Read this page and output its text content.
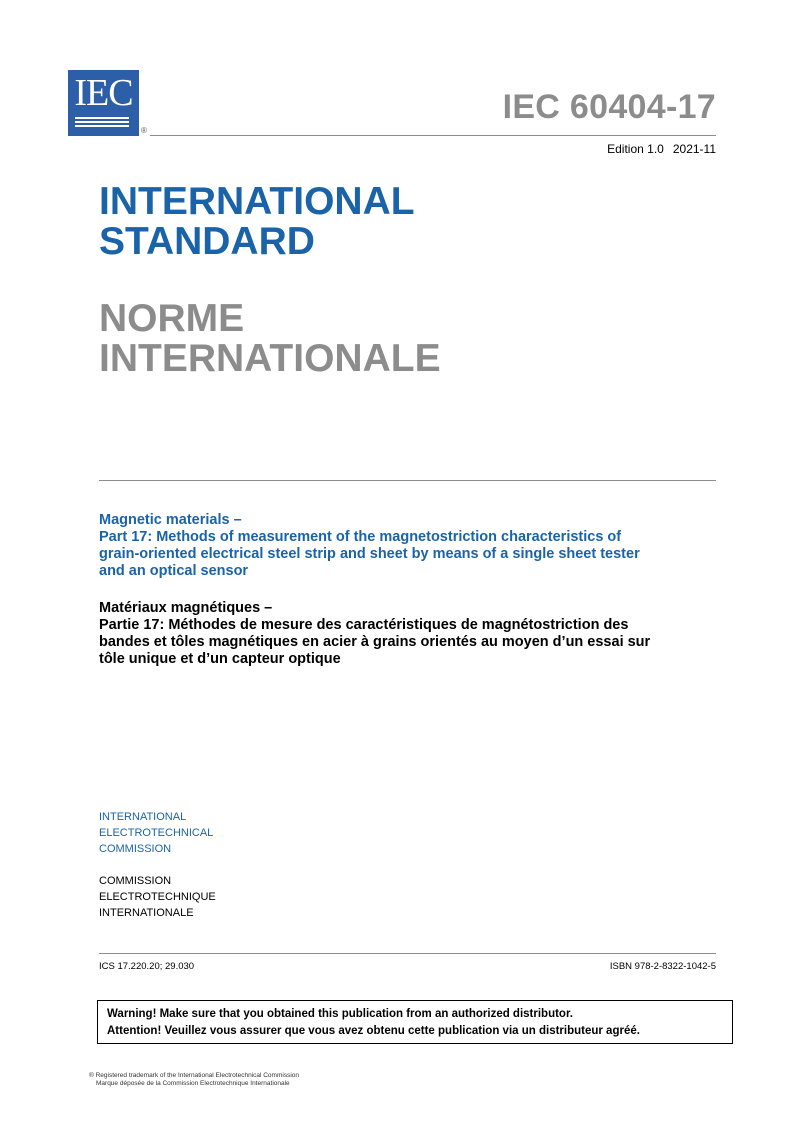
IEC
®
IEC 60404-17
Edition 1.0 2021-11
INTERNATIONAL
STANDARD
NORME
INTERNATIONALE
Magnetic materials –
Part 17: Methods of measurement of the magnetostriction characteristics of
grain-oriented electrical steel strip and sheet by means of a single sheet tester
and an optical sensor
Matériaux magnétiques –
Partie 17: Méthodes de mesure des caractéristiques de magnétostriction des
bandes et tôles magnétiques en acier à grains orientés au moyen d’un essai sur
tôle unique et d’un capteur optique
INTERNATIONAL
ELECTROTECHNICAL
COMMISSION
COMMISSION
ELECTROTECHNIQUE
INTERNATIONALE
ICS 17.220.20; 29.030	ISBN 978-2-8322-1042-5
Warning! Make sure that you obtained this publication from an authorized distributor.
Attention! Veuillez vous assurer que vous avez obtenu cette publication via un distributeur agréé.
® Registered trademark of the International Electrotechnical Commission
Marque déposée de la Commission Electrotechnique Internationale
